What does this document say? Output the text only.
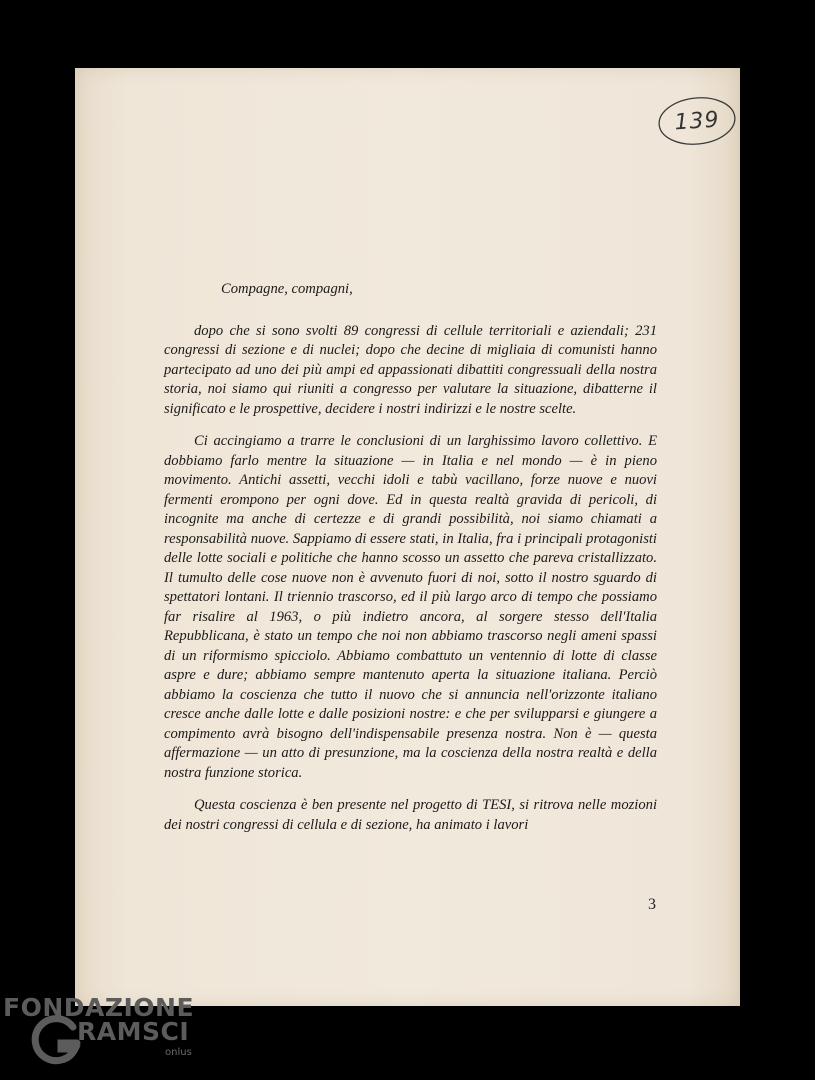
139

Compagne, compagni,

dopo che si sono svolti 89 congressi di cellule territoriali e aziendali; 231 congressi di sezione e di nuclei; dopo che decine di migliaia di comunisti hanno partecipato ad uno dei più ampi ed appassionati dibattiti congressuali della nostra storia, noi siamo qui riuniti a congresso per valutare la situazione, dibatterne il significato e le prospettive, decidere i nostri indirizzi e le nostre scelte.

Ci accingiamo a trarre le conclusioni di un larghissimo lavoro collettivo. E dobbiamo farlo mentre la situazione — in Italia e nel mondo — è in pieno movimento. Antichi assetti, vecchi idoli e tabù vacillano, forze nuove e nuovi fermenti erompono per ogni dove. Ed in questa realtà gravida di pericoli, di incognite ma anche di certezze e di grandi possibilità, noi siamo chiamati a responsabilità nuove. Sappiamo di essere stati, in Italia, fra i principali protagonisti delle lotte sociali e politiche che hanno scosso un assetto che pareva cristallizzato. Il tumulto delle cose nuove non è avvenuto fuori di noi, sotto il nostro sguardo di spettatori lontani. Il triennio trascorso, ed il più largo arco di tempo che possiamo far risalire al 1963, o più indietro ancora, al sorgere stesso dell'Italia Repubblicana, è stato un tempo che noi non abbiamo trascorso negli ameni spassi di un riformismo spicciolo. Abbiamo combattuto un ventennio di lotte di classe aspre e dure; abbiamo sempre mantenuto aperta la situazione italiana. Perciò abbiamo la coscienza che tutto il nuovo che si annuncia nell'orizzonte italiano cresce anche dalle lotte e dalle posizioni nostre: e che per svilupparsi e giungere a compimento avrà bisogno dell'indispensabile presenza nostra. Non è — questa affermazione — un atto di presunzione, ma la coscienza della nostra realtà e della nostra funzione storica.

Questa coscienza è ben presente nel progetto di TESI, si ritrova nelle mozioni dei nostri congressi di cellula e di sezione, ha animato i lavori

3
FONDAZIONE
RAMSCI
onlus
